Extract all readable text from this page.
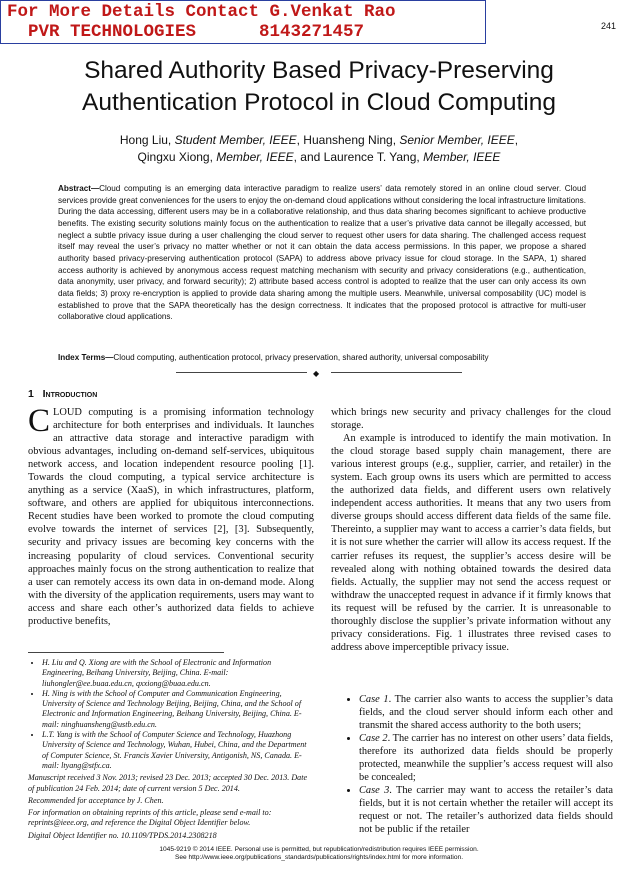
For More Details Contact G.Venkat Rao
PVR TECHNOLOGIES      8143271457	241
Shared Authority Based Privacy-Preserving
Authentication Protocol in Cloud Computing
Hong Liu, Student Member, IEEE, Huansheng Ning, Senior Member, IEEE,
Qingxu Xiong, Member, IEEE, and Laurence T. Yang, Member, IEEE
Abstract—Cloud computing is an emerging data interactive paradigm to realize users’ data remotely stored in an online cloud server. Cloud services provide great conveniences for the users to enjoy the on-demand cloud applications without considering the local infrastructure limitations. During the data accessing, different users may be in a collaborative relationship, and thus data sharing becomes significant to achieve productive benefits. The existing security solutions mainly focus on the authentication to realize that a user’s privative data cannot be illegally accessed, but neglect a subtle privacy issue during a user challenging the cloud server to request other users for data sharing. The challenged access request itself may reveal the user’s privacy no matter whether or not it can obtain the data access permissions. In this paper, we propose a shared authority based privacy-preserving authentication protocol (SAPA) to address above privacy issue for cloud storage. In the SAPA, 1) shared access authority is achieved by anonymous access request matching mechanism with security and privacy considerations (e.g., authentication, data anonymity, user privacy, and forward security); 2) attribute based access control is adopted to realize that the user can only access its own data fields; 3) proxy re-encryption is applied to provide data sharing among the multiple users. Meanwhile, universal composability (UC) model is established to prove that the SAPA theoretically has the design correctness. It indicates that the proposed protocol is attractive for multi-user collaborative cloud applications.
Index Terms—Cloud computing, authentication protocol, privacy preservation, shared authority, universal composability
◆
1 Introduction

CLOUD computing is a promising information technology architecture for both enterprises and individuals. It launches an attractive data storage and interactive paradigm with obvious advantages, including on-demand self-services, ubiquitous network access, and location independent resource pooling [1]. Towards the cloud computing, a typical service architecture is anything as a service (XaaS), in which infrastructures, platform, software, and others are applied for ubiquitous interconnections. Recent studies have been worked to promote the cloud computing evolve towards the internet of services [2], [3]. Subsequently, security and privacy issues are becoming key concerns with the increasing popularity of cloud services. Conventional security approaches mainly focus on the strong authentication to realize that a user can remotely access its own data in on-demand mode. Along with the diversity of the application requirements, users may want to access and share each other’s authorized data fields to achieve productive benefits,

• H. Liu and Q. Xiong are with the School of Electronic and Information Engineering, Beihang University, Beijing, China. E-mail: liuhongler@ee.buaa.edu.cn, qxxiong@buaa.edu.cn.
• H. Ning is with the School of Computer and Communication Engineering, University of Science and Technology Beijing, Beijing, China, and the School of Electronic and Information Engineering, Beihang University, Beijing, China. E-mail: ninghuansheng@ustb.edu.cn.
• L.T. Yang is with the School of Computer Science and Technology, Huazhong University of Science and Technology, Wuhan, Hubei, China, and the Department of Computer Science, St. Francis Xavier University, Antigonish, NS, Canada. E-mail: ltyang@stfx.ca.

Manuscript received 3 Nov. 2013; revised 23 Dec. 2013; accepted 30 Dec. 2013. Date of publication 24 Feb. 2014; date of current version 5 Dec. 2014.

Recommended for acceptance by J. Chen.

For information on obtaining reprints of this article, please send e-mail to: reprints@ieee.org, and reference the Digital Object Identifier below.

Digital Object Identifier no. 10.1109/TPDS.2014.2308218

which brings new security and privacy challenges for the cloud storage.

An example is introduced to identify the main motivation. In the cloud storage based supply chain management, there are various interest groups (e.g., supplier, carrier, and retailer) in the system. Each group owns its users which are permitted to access the authorized data fields, and different users own relatively independent access authorities. It means that any two users from diverse groups should access different data fields of the same file. Thereinto, a supplier may want to access a carrier’s data fields, but it is not sure whether the carrier will allow its access request. If the carrier refuses its request, the supplier’s access desire will be revealed along with nothing obtained towards the desired data fields. Actually, the supplier may not send the access request or withdraw the unaccepted request in advance if it firmly knows that its request will be refused by the carrier. It is unreasonable to thoroughly disclose the supplier’s private information without any privacy considerations. Fig. 1 illustrates three revised cases to address above imperceptible privacy issue.

• Case 1. The carrier also wants to access the supplier’s data fields, and the cloud server should inform each other and transmit the shared access authority to the both users;
• Case 2. The carrier has no interest on other users’ data fields, therefore its authorized data fields should be properly protected, meanwhile the supplier’s access request will also be concealed;
• Case 3. The carrier may want to access the retailer’s data fields, but it is not certain whether the retailer will accept its request or not. The retailer’s authorized data fields should not be public if the retailer
1045-9219 © 2014 IEEE. Personal use is permitted, but republication/redistribution requires IEEE permission.
See http://www.ieee.org/publications_standards/publications/rights/index.html for more information.
